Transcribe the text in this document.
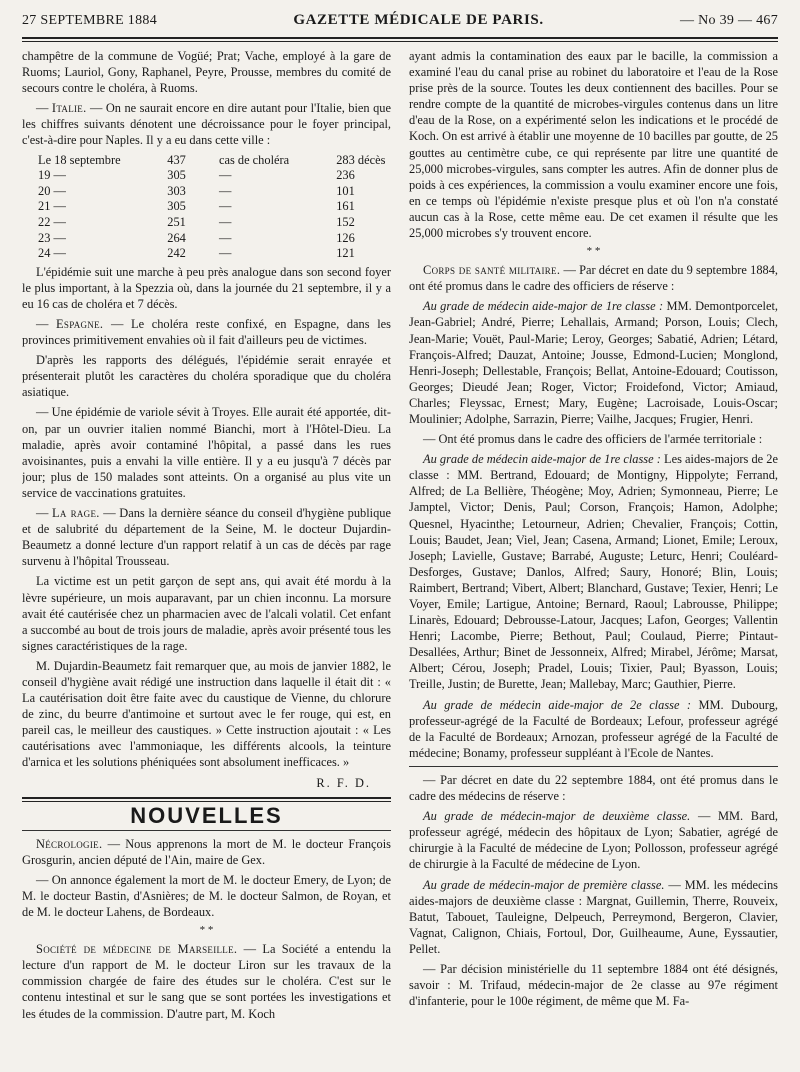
27 SEPTEMBRE 1884	GAZETTE MÉDICALE DE PARIS.	— No 39 — 467

champêtre de la commune de Vogüé; Prat; Vache, employé à la gare de Ruoms; Lauriol, Gony, Raphanel, Peyre, Prousse, membres du comité de secours contre le choléra, à Ruoms.

— Italie. — On ne saurait encore en dire autant pour l'Italie, bien que les chiffres suivants dénotent une décroissance pour le foyer principal, c'est-à-dire pour Naples. Il y a eu dans cette ville :

Le 18 septembre	437	cas de choléra	283 décès
19 —	305	—	236
20 —	303	—	101
21 —	305	—	161
22 —	251	—	152
23 —	264	—	126
24 —	242	—	121

L'épidémie suit une marche à peu près analogue dans son second foyer le plus important, à la Spezzia où, dans la journée du 21 septembre, il y a eu 16 cas de choléra et 7 décès.

— Espagne. — Le choléra reste confixé, en Espagne, dans les provinces primitivement envahies où il fait d'ailleurs peu de victimes.

D'après les rapports des délégués, l'épidémie serait enrayée et présenterait plutôt les caractères du choléra sporadique que du choléra asiatique.

— Une épidémie de variole sévit à Troyes. Elle aurait été apportée, dit-on, par un ouvrier italien nommé Bianchi, mort à l'Hôtel-Dieu. La maladie, après avoir contaminé l'hôpital, a passé dans les rues avoisinantes, puis a envahi la ville entière. Il y a eu jusqu'à 7 décès par jour; plus de 150 malades sont atteints. On a organisé au plus vite un service de vaccinations gratuites.

— La rage. — Dans la dernière séance du conseil d'hygiène publique et de salubrité du département de la Seine, M. le docteur Dujardin-Beaumetz a donné lecture d'un rapport relatif à un cas de décès par rage survenu à l'hôpital Trousseau.

La victime est un petit garçon de sept ans, qui avait été mordu à la lèvre supérieure, un mois auparavant, par un chien inconnu. La morsure avait été cautérisée chez un pharmacien avec de l'alcali volatil. Cet enfant a succombé au bout de trois jours de maladie, après avoir présenté tous les signes caractéristiques de la rage.

M. Dujardin-Beaumetz fait remarquer que, au mois de janvier 1882, le conseil d'hygiène avait rédigé une instruction dans laquelle il était dit : « La cautérisation doit être faite avec du caustique de Vienne, du chlorure de zinc, du beurre d'antimoine et surtout avec le fer rouge, qui est, en pareil cas, le meilleur des caustiques. » Cette instruction ajoutait : « Les cautérisations avec l'ammoniaque, les différents alcools, la teinture d'arnica et les solutions phéniquées sont absolument inefficaces. »

R. F. D.
NOUVELLES

Nécrologie. — Nous apprenons la mort de M. le docteur François Grosgurin, ancien député de l'Ain, maire de Gex.

— On annonce également la mort de M. le docteur Emery, de Lyon; de M. le docteur Bastin, d'Asnières; de M. le docteur Salmon, de Royan, et de M. le docteur Lahens, de Bordeaux.

* *

Société de médecine de Marseille. — La Société a entendu la lecture d'un rapport de M. le docteur Liron sur les travaux de la commission chargée de faire des études sur le choléra. C'est sur le contenu intestinal et sur le sang que se sont portées les investigations et les études de la commission. D'autre part, M. Koch

ayant admis la contamination des eaux par le bacille, la commission a examiné l'eau du canal prise au robinet du laboratoire et l'eau de la Rose prise près de la source. Toutes les deux contiennent des bacilles. Pour se rendre compte de la quantité de microbes-virgules contenus dans un litre d'eau de la Rose, on a expérimenté selon les indications et le procédé de Koch. On est arrivé à établir une moyenne de 10 bacilles par goutte, de 25 gouttes au centimètre cube, ce qui représente par litre une quantité de 25,000 microbes-virgules, sans compter les autres. Afin de donner plus de poids à ces expériences, la commission a voulu examiner encore une fois, en ce temps où l'épidémie n'existe presque plus et où l'on n'a constaté aucun cas à la Rose, cette même eau. De cet examen il résulte que les 25,000 microbes s'y trouvent encore.

* *

Corps de santé militaire. — Par décret en date du 9 septembre 1884, ont été promus dans le cadre des officiers de réserve :

Au grade de médecin aide-major de 1re classe : MM. Demontporcelet, Jean-Gabriel; André, Pierre; Lehallais, Armand; Porson, Louis; Clech, Jean-Marie; Vouët, Paul-Marie; Leroy, Georges; Sabatié, Adrien; Létard, François-Alfred; Dauzat, Antoine; Jousse, Edmond-Lucien; Monglond, Henri-Joseph; Dellestable, François; Bellat, Antoine-Edouard; Coutisson, Georges; Dieudé Jean; Roger, Victor; Froidefond, Victor; Amiaud, Charles; Fleyssac, Ernest; Mary, Eugène; Lacroisade, Louis-Oscar; Moulinier; Adolphe, Sarrazin, Pierre; Vailhe, Jacques; Frugier, Henri.

— Ont été promus dans le cadre des officiers de l'armée territoriale :

Au grade de médecin aide-major de 1re classe : Les aides-majors de 2e classe : MM. Bertrand, Edouard; de Montigny, Hippolyte; Ferrand, Alfred; de La Bellière, Théogène; Moy, Adrien; Symonneau, Pierre; Le Jamptel, Victor; Denis, Paul; Corson, François; Hamon, Adolphe; Quesnel, Hyacinthe; Letourneur, Adrien; Chevalier, François; Cottin, Louis; Baudet, Jean; Viel, Jean; Casena, Armand; Lionet, Emile; Leroux, Joseph; Lavielle, Gustave; Barrabé, Auguste; Leturc, Henri; Couléard-Desforges, Gustave; Danlos, Alfred; Saury, Honoré; Blin, Louis; Raimbert, Bertrand; Vibert, Albert; Blanchard, Gustave; Texier, Henri; Le Voyer, Emile; Lartigue, Antoine; Bernard, Raoul; Labrousse, Philippe; Linarès, Edouard; Debrousse-Latour, Jacques; Lafon, Georges; Vallentin Henri; Lacombe, Pierre; Bethout, Paul; Coulaud, Pierre; Pintaut-Desallées, Arthur; Binet de Jessonneix, Alfred; Mirabel, Jérôme; Marsat, Albert; Cérou, Joseph; Pradel, Louis; Tixier, Paul; Byasson, Louis; Treille, Justin; de Burette, Jean; Mallebay, Marc; Gauthier, Pierre.

Au grade de médecin aide-major de 2e classe : MM. Dubourg, professeur-agrégé de la Faculté de Bordeaux; Lefour, professeur agrégé de la Faculté de Bordeaux; Arnozan, professeur agrégé de la Faculté de médecine; Bonamy, professeur suppléant à l'Ecole de Nantes.

— Par décret en date du 22 septembre 1884, ont été promus dans le cadre des médecins de réserve :

Au grade de médecin-major de deuxième classe. — MM. Bard, professeur agrégé, médecin des hôpitaux de Lyon; Sabatier, agrégé de chirurgie à la Faculté de médecine de Lyon; Pollosson, professeur agrégé de chirurgie à la Faculté de médecine de Lyon.

Au grade de médecin-major de première classe. — MM. les médecins aides-majors de deuxième classe : Margnat, Guillemin, Therre, Rouveix, Batut, Tabouet, Tauleigne, Delpeuch, Perreymond, Bergeron, Clavier, Vagnat, Calignon, Chiais, Fortoul, Dor, Guilheaume, Aune, Eyssautier, Pellet.

— Par décision ministérielle du 11 septembre 1884 ont été désignés, savoir : M. Trifaud, médecin-major de 2e classe au 97e régiment d'infanterie, pour le 100e régiment, de même que M. Fa-
